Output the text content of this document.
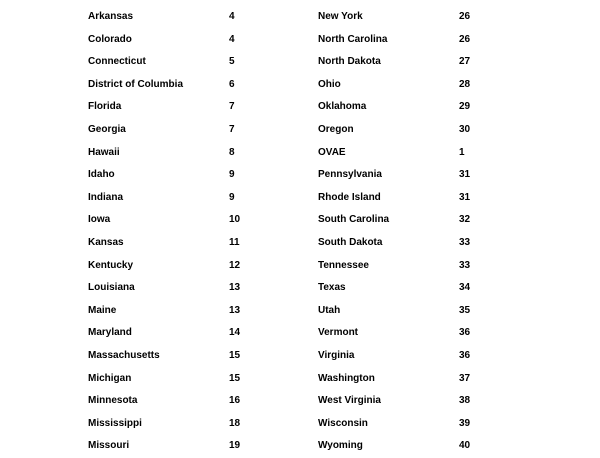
Arkansas	4
Colorado	4
Connecticut	5
District of Columbia	6
Florida	7
Georgia	7
Hawaii	8
Idaho	9
Indiana	9
Iowa	10
Kansas	11
Kentucky	12
Louisiana	13
Maine	13
Maryland	14
Massachusetts	15
Michigan	15
Minnesota	16
Mississippi	18
Missouri	19
New York	26
North Carolina	26
North Dakota	27
Ohio	28
Oklahoma	29
Oregon	30
OVAE	1
Pennsylvania	31
Rhode Island	31
South Carolina	32
South Dakota	33
Tennessee	33
Texas	34
Utah	35
Vermont	36
Virginia	36
Washington	37
West Virginia	38
Wisconsin	39
Wyoming	40
